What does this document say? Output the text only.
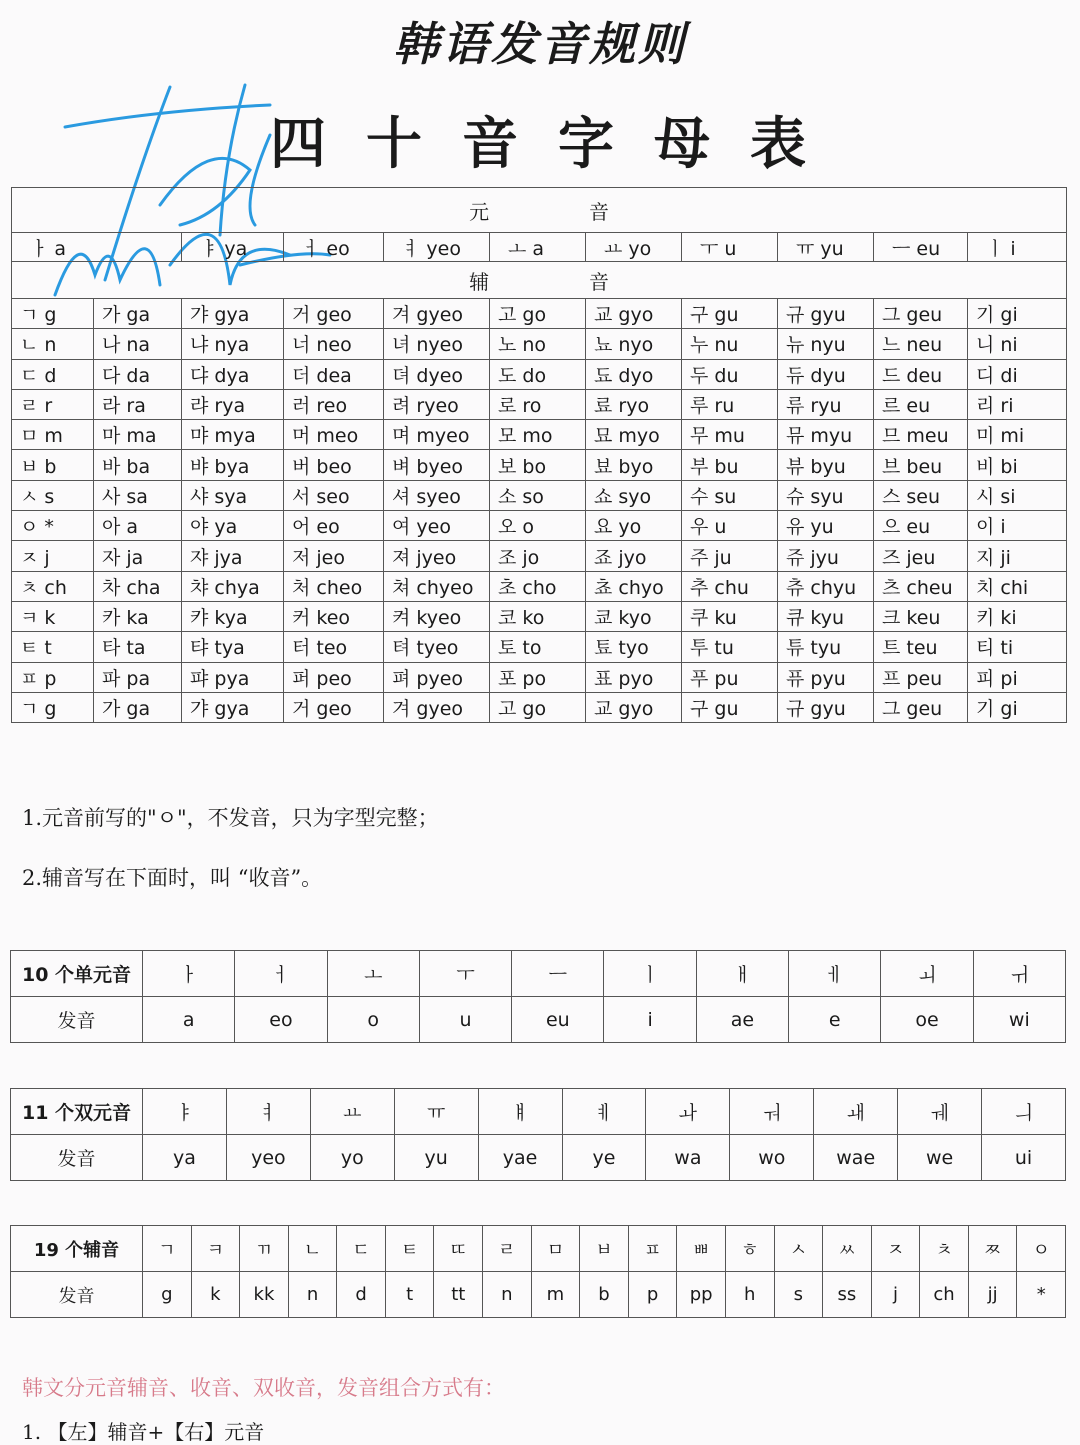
韩语发音规则
四十音字母表
元　音										
ㅏ a		ㅑ ya	ㅓ eo	ㅕ yeo	ㅗ a	ㅛ yo	ㅜ u	ㅠ yu	ㅡ eu	ㅣ i
辅　音										
ㄱ g	가 ga	갸 gya	거 geo	겨 gyeo	고 go	교 gyo	구 gu	규 gyu	그 geu	기 gi
ㄴ n	나 na	냐 nya	너 neo	녀 nyeo	노 no	뇨 nyo	누 nu	뉴 nyu	느 neu	니 ni
ㄷ d	다 da	댜 dya	더 dea	뎌 dyeo	도 do	됴 dyo	두 du	듀 dyu	드 deu	디 di
ㄹ r	라 ra	랴 rya	러 reo	려 ryeo	로 ro	료 ryo	루 ru	류 ryu	르 eu	리 ri
ㅁ m	마 ma	먀 mya	머 meo	며 myeo	모 mo	묘 myo	무 mu	뮤 myu	므 meu	미 mi
ㅂ b	바 ba	뱌 bya	버 beo	벼 byeo	보 bo	뵤 byo	부 bu	뷰 byu	브 beu	비 bi
ㅅ s	사 sa	샤 sya	서 seo	셔 syeo	소 so	쇼 syo	수 su	슈 syu	스 seu	시 si
ㅇ *	아 a	야 ya	어 eo	여 yeo	오 o	요 yo	우 u	유 yu	으 eu	이 i
ㅈ j	자 ja	쟈 jya	저 jeo	져 jyeo	조 jo	죠 jyo	주 ju	쥬 jyu	즈 jeu	지 ji
ㅊ ch	차 cha	챠 chya	처 cheo	쳐 chyeo	초 cho	쵸 chyo	추 chu	츄 chyu	츠 cheu	치 chi
ㅋ k	카 ka	캬 kya	커 keo	켜 kyeo	코 ko	쿄 kyo	쿠 ku	큐 kyu	크 keu	키 ki
ㅌ t	타 ta	탸 tya	터 teo	텨 tyeo	토 to	툐 tyo	투 tu	튜 tyu	트 teu	티 ti
ㅍ p	파 pa	퍄 pya	퍼 peo	펴 pyeo	포 po	표 pyo	푸 pu	퓨 pyu	프 peu	피 pi
ㄱ g	가 ga	갸 gya	거 geo	겨 gyeo	고 go	교 gyo	구 gu	규 gyu	그 geu	기 gi
1.元音前写的"ㅇ"，不发音，只为字型完整；
2.辅音写在下面时，叫 “收音”。
10 个单元音	ㅏ	ㅓ	ㅗ	ㅜ	ㅡ	ㅣ	ㅐ	ㅔ	ㅚ	ㅟ
发音	a	eo	o	u	eu	i	ae	e	oe	wi
11 个双元音	ㅑ	ㅕ	ㅛ	ㅠ	ㅒ	ㅖ	ㅘ	ㅝ	ㅙ	ㅞ	ㅢ
发音	ya	yeo	yo	yu	yae	ye	wa	wo	wae	we	ui
19 个辅音	ㄱ	ㅋ	ㄲ	ㄴ	ㄷ	ㅌ	ㄸ	ㄹ	ㅁ	ㅂ	ㅍ	ㅃ	ㅎ	ㅅ	ㅆ	ㅈ	ㅊ	ㅉ	ㅇ
发音	g	k	kk	n	d	t	tt	n	m	b	p	pp	h	s	ss	j	ch	jj	*
韩文分元音辅音、收音、双收音，发音组合方式有：
1. 【左】辅音+【右】元音
